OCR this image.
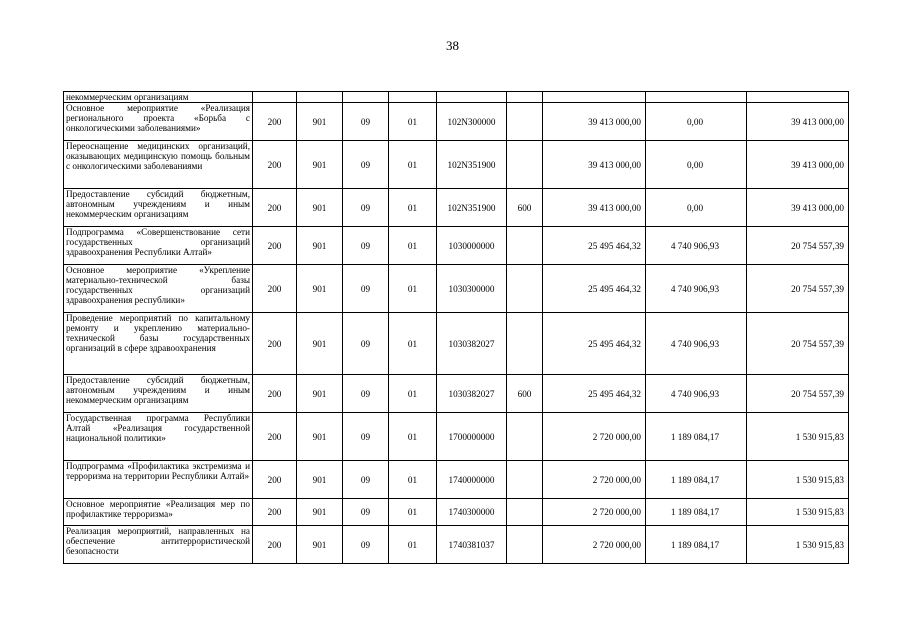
38
некоммерческим организациям									
Основное мероприятие «Реализация регионального проекта «Борьба с онкологическими заболеваниями»	200	901	09	01	102N300000		39 413 000,00	0,00	39 413 000,00
Переоснащение медицинских организаций, оказывающих медицинскую помощь больным с онкологическими заболеваниями	200	901	09	01	102N351900		39 413 000,00	0,00	39 413 000,00
Предоставление субсидий бюджетным, автономным учреждениям и иным некоммерческим организациям	200	901	09	01	102N351900	600	39 413 000,00	0,00	39 413 000,00
Подпрограмма «Совершенствование сети государственных организаций здравоохранения Республики Алтай»	200	901	09	01	1030000000		25 495 464,32	4 740 906,93	20 754 557,39
Основное мероприятие «Укрепление материально-технической базы государственных организаций здравоохранения республики»	200	901	09	01	1030300000		25 495 464,32	4 740 906,93	20 754 557,39
Проведение мероприятий по капитальному ремонту и укреплению материально-технической базы государственных организаций в сфере здравоохранения	200	901	09	01	1030382027		25 495 464,32	4 740 906,93	20 754 557,39
Предоставление субсидий бюджетным, автономным учреждениям и иным некоммерческим организациям	200	901	09	01	1030382027	600	25 495 464,32	4 740 906,93	20 754 557,39
Государственная программа Республики Алтай «Реализация государственной национальной политики»	200	901	09	01	1700000000		2 720 000,00	1 189 084,17	1 530 915,83
Подпрограмма «Профилактика экстремизма и терроризма на территории Республики Алтай»	200	901	09	01	1740000000		2 720 000,00	1 189 084,17	1 530 915,83
Основное мероприятие «Реализация мер по профилактике терроризма»	200	901	09	01	1740300000		2 720 000,00	1 189 084,17	1 530 915,83
Реализация мероприятий, направленных на обеспечение антитеррористической безопасности	200	901	09	01	1740381037		2 720 000,00	1 189 084,17	1 530 915,83
